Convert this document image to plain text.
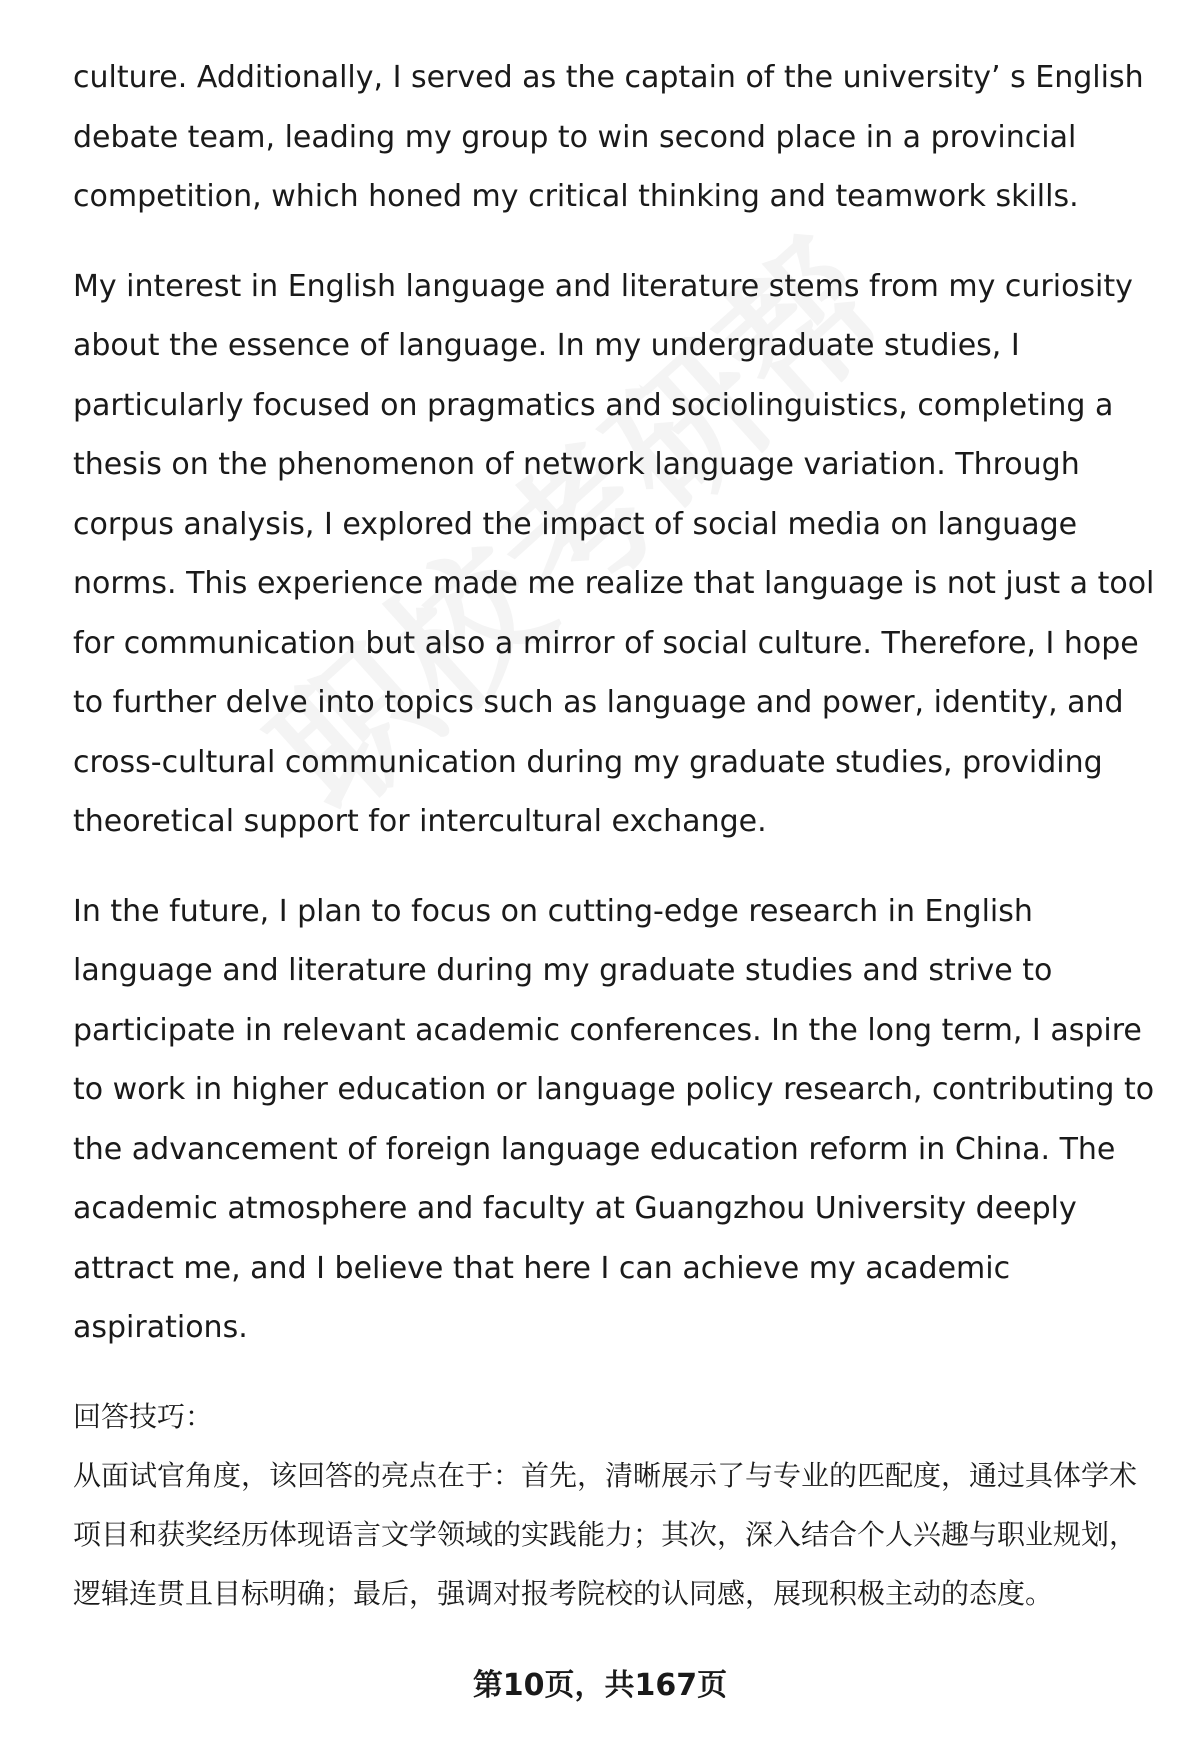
culture. Additionally, I served as the captain of the university’ s English debate team, leading my group to win second place in a provincial competition, which honed my critical thinking and teamwork skills.

My interest in English language and literature stems from my curiosity about the essence of language. In my undergraduate studies, I particularly focused on pragmatics and sociolinguistics, completing a thesis on the phenomenon of network language variation. Through corpus analysis, I explored the impact of social media on language norms. This experience made me realize that language is not just a tool for communication but also a mirror of social culture. Therefore, I hope to further delve into topics such as language and power, identity, and cross-cultural communication during my graduate studies, providing theoretical support for intercultural exchange.

In the future, I plan to focus on cutting-edge research in English language and literature during my graduate studies and strive to participate in relevant academic conferences. In the long term, I aspire to work in higher education or language policy research, contributing to the advancement of foreign language education reform in China. The academic atmosphere and faculty at Guangzhou University deeply attract me, and I believe that here I can achieve my academic aspirations.

回答技巧：

从面试官角度，该回答的亮点在于：首先，清晰展示了与专业的匹配度，通过具体学术项目和获奖经历体现语言文学领域的实践能力；其次，深入结合个人兴趣与职业规划，逻辑连贯且目标明确；最后，强调对报考院校的认同感，展现积极主动的态度。

第10页，共167页
